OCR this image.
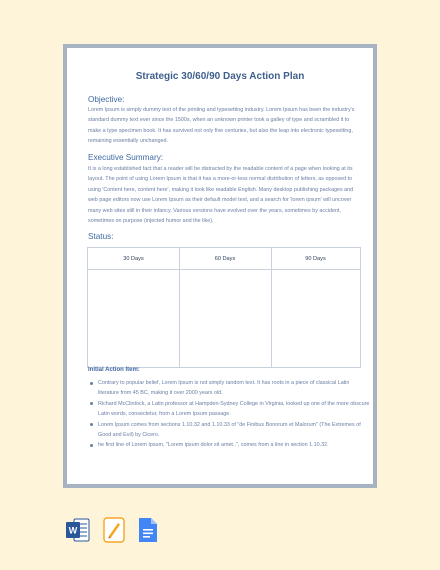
Strategic 30/60/90 Days Action Plan
Objective:
Lorem Ipsum is simply dummy text of the printing and typesetting industry. Lorem Ipsum has been the industry's standard dummy text ever since the 1500s, when an unknown printer took a galley of type and scrambled it to make a type specimen book. It has survived not only five centuries, but also the leap into electronic typesetting, remaining essentially unchanged.
Executive Summary:
It is a long established fact that a reader will be distracted by the readable content of a page when looking at its layout. The point of using Lorem Ipsum is that it has a more-or-less normal distribution of letters, as opposed to using 'Content here, content here', making it look like readable English. Many desktop publishing packages and web page editors now use Lorem Ipsum as their default model text, and a search for 'lorem ipsum' will uncover many web sites still in their infancy. Various versions have evolved over the years, sometimes by accident, sometimes on purpose (injected humor and the like).
Status:
30 Days	60 Days	90 Days
Initial Action Item:
Contrary to popular belief, Lorem Ipsum is not simply random text. It has roots in a piece of classical Latin literature from 45 BC, making it over 2000 years old.
Richard McClintock, a Latin professor at Hampden-Sydney College in Virginia, looked up one of the more obscure Latin words, consectetur, from a Lorem Ipsum passage.
Lorem Ipsum comes from sections 1.10.32 and 1.10.33 of "de Finibus Bonorum et Malorum" (The Extremes of Good and Evil) by Cicero.
he first line of Lorem Ipsum, "Lorem ipsum dolor sit amet..", comes from a line in section 1.10.32.
W
